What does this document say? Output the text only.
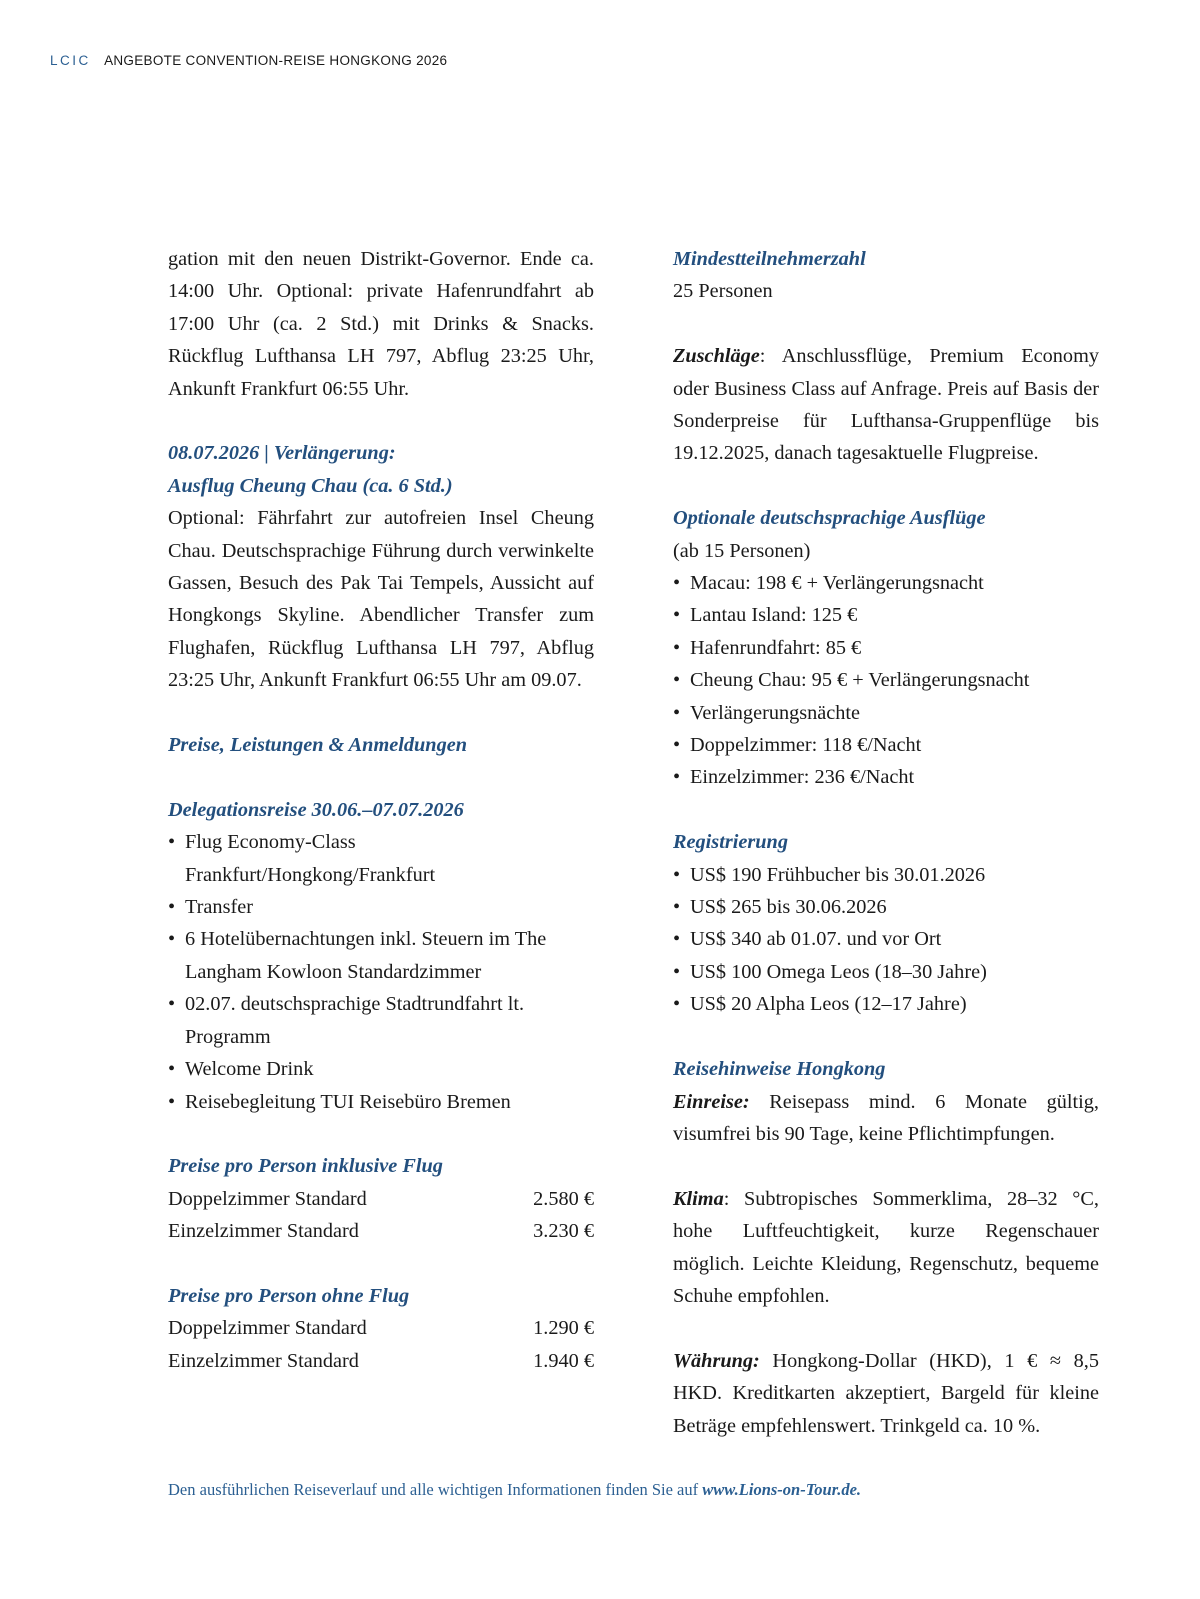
LCIC ANGEBOTE CONVENTION-REISE HONGKONG 2026

gation mit den neuen Distrikt-Governor. Ende ca. 14:00 Uhr. Optional: private Hafenrundfahrt ab 17:00 Uhr (ca. 2 Std.) mit Drinks & Snacks. Rückflug Lufthansa LH 797, Abflug 23:25 Uhr, Ankunft Frankfurt 06:55 Uhr.

08.07.2026 | Verlängerung:
Ausflug Cheung Chau (ca. 6 Std.)
Optional: Fährfahrt zur autofreien Insel Cheung Chau. Deutschsprachige Führung durch verwinkelte Gassen, Besuch des Pak Tai Tempels, Aussicht auf Hongkongs Skyline. Abendlicher Transfer zum Flughafen, Rückflug Lufthansa LH 797, Abflug 23:25 Uhr, Ankunft Frankfurt 06:55 Uhr am 09.07.

Preise, Leistungen & Anmeldungen

Delegationsreise 30.06.–07.07.2026
• Flug Economy-Class Frankfurt/Hongkong/Frankfurt
• Transfer
• 6 Hotelübernachtungen inkl. Steuern im The Langham Kowloon Standardzimmer
• 02.07. deutschsprachige Stadtrundfahrt lt. Programm
• Welcome Drink
• Reisebegleitung TUI Reisebüro Bremen
Preise pro Person inklusive Flug
Doppelzimmer Standard	2.580 €
Einzelzimmer Standard	3.230 €
Preise pro Person ohne Flug
Doppelzimmer Standard	1.290 €
Einzelzimmer Standard	1.940 €

Mindestteilnehmerzahl
25 Personen

Zuschläge: Anschlussflüge, Premium Economy oder Business Class auf Anfrage. Preis auf Basis der Sonderpreise für Lufthansa-Gruppenflüge bis 19.12.2025, danach tagesaktuelle Flugpreise.

Optionale deutschsprachige Ausflüge
(ab 15 Personen)
• Macau: 198 € + Verlängerungsnacht
• Lantau Island: 125 €
• Hafenrundfahrt: 85 €
• Cheung Chau: 95 € + Verlängerungsnacht
• Verlängerungsnächte
• Doppelzimmer: 118 €/Nacht
• Einzelzimmer: 236 €/Nacht
Registrierung
• US$ 190 Frühbucher bis 30.01.2026
• US$ 265 bis 30.06.2026
• US$ 340 ab 01.07. und vor Ort
• US$ 100 Omega Leos (18–30 Jahre)
• US$ 20 Alpha Leos (12–17 Jahre)
Reisehinweise Hongkong

Einreise: Reisepass mind. 6 Monate gültig, visumfrei bis 90 Tage, keine Pflichtimpfungen.

Klima: Subtropisches Sommerklima, 28–32 °C, hohe Luftfeuchtigkeit, kurze Regenschauer möglich. Leichte Kleidung, Regenschutz, bequeme Schuhe empfohlen.

Währung: Hongkong-Dollar (HKD), 1 € ≈ 8,5 HKD. Kreditkarten akzeptiert, Bargeld für kleine Beträge empfehlenswert. Trinkgeld ca. 10 %.

Den ausführlichen Reiseverlauf und alle wichtigen Informationen finden Sie auf www.Lions-on-Tour.de.
